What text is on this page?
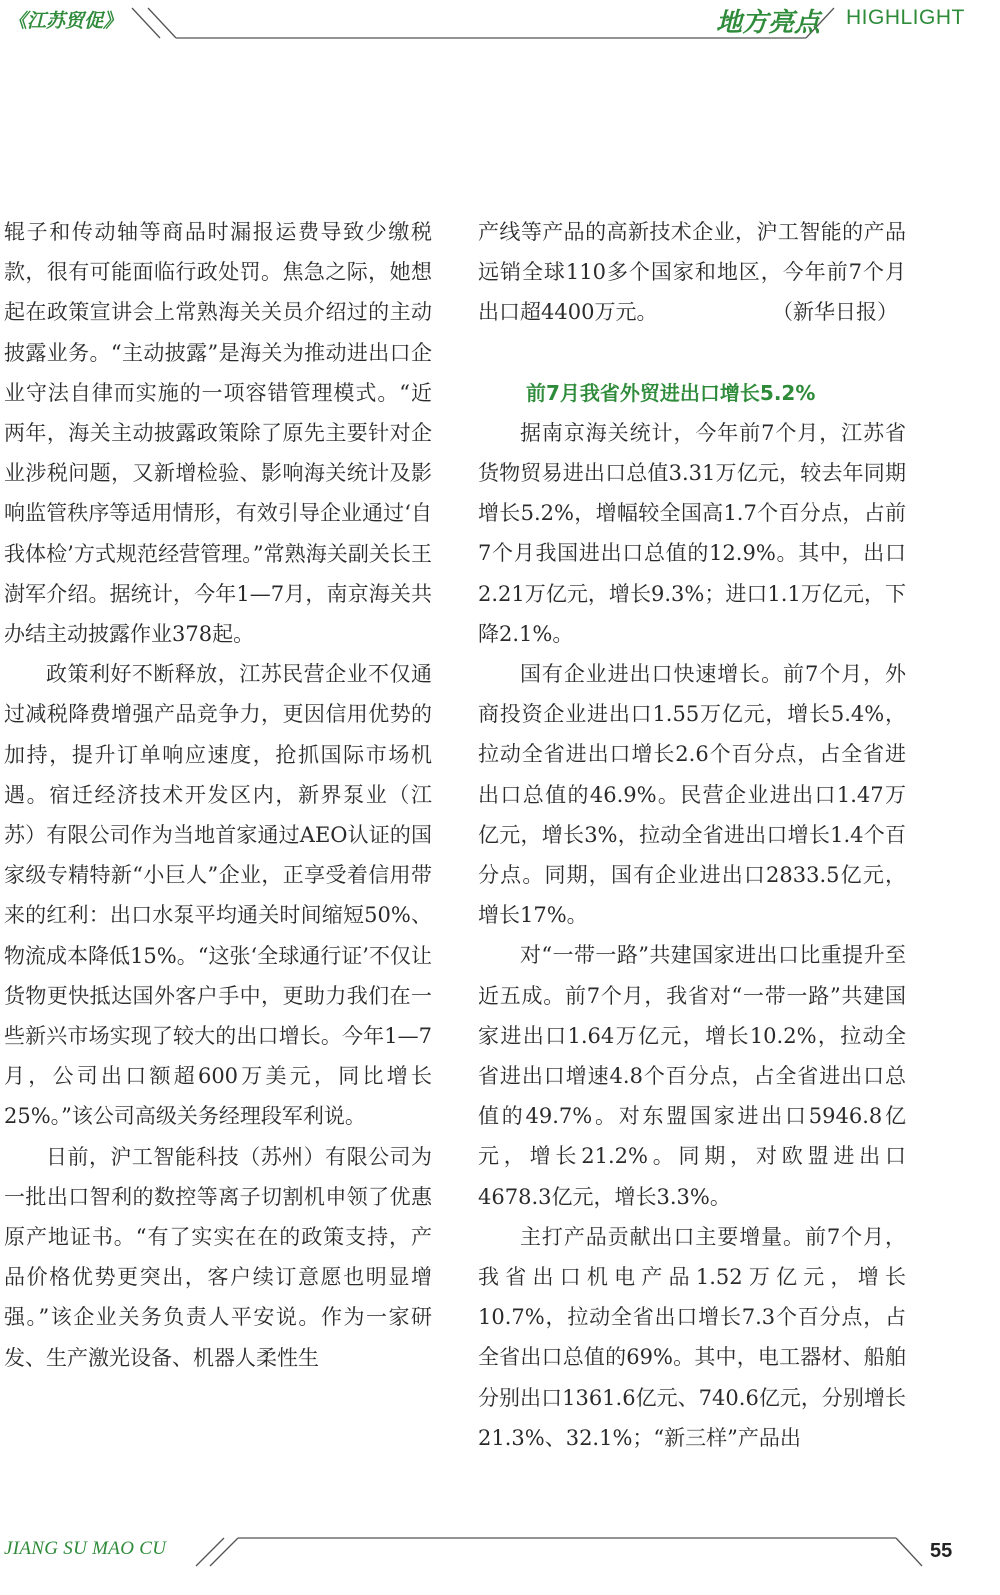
《江苏贸促》	地方亮点 HIGHLIGHT

辊子和传动轴等商品时漏报运费导致少缴税款，很有可能面临行政处罚。焦急之际，她想起在政策宣讲会上常熟海关关员介绍过的主动披露业务。“主动披露”是海关为推动进出口企业守法自律而实施的一项容错管理模式。“近两年，海关主动披露政策除了原先主要针对企业涉税问题，又新增检验、影响海关统计及影响监管秩序等适用情形，有效引导企业通过‘自我体检’方式规范经营管理。”常熟海关副关长王澍军介绍。据统计，今年1—7月，南京海关共办结主动披露作业378起。

政策利好不断释放，江苏民营企业不仅通过减税降费增强产品竞争力，更因信用优势的加持，提升订单响应速度，抢抓国际市场机遇。宿迁经济技术开发区内，新界泵业（江苏）有限公司作为当地首家通过AEO认证的国家级专精特新“小巨人”企业，正享受着信用带来的红利：出口水泵平均通关时间缩短50%、物流成本降低15%。“这张‘全球通行证’不仅让货物更快抵达国外客户手中，更助力我们在一些新兴市场实现了较大的出口增长。今年1—7月，公司出口额超600万美元，同比增长25%。”该公司高级关务经理段军利说。

日前，沪工智能科技（苏州）有限公司为一批出口智利的数控等离子切割机申领了优惠原产地证书。“有了实实在在的政策支持，产品价格优势更突出，客户续订意愿也明显增强。”该企业关务负责人平安说。作为一家研发、生产激光设备、机器人柔性生

产线等产品的高新技术企业，沪工智能的产品远销全球110多个国家和地区，今年前7个月出口超4400万元。	（新华日报）

前7月我省外贸进出口增长5.2%

据南京海关统计，今年前7个月，江苏省货物贸易进出口总值3.31万亿元，较去年同期增长5.2%，增幅较全国高1.7个百分点，占前7个月我国进出口总值的12.9%。其中，出口2.21万亿元，增长9.3%；进口1.1万亿元，下降2.1%。

国有企业进出口快速增长。前7个月，外商投资企业进出口1.55万亿元，增长5.4%，拉动全省进出口增长2.6个百分点，占全省进出口总值的46.9%。民营企业进出口1.47万亿元，增长3%，拉动全省进出口增长1.4个百分点。同期，国有企业进出口2833.5亿元，增长17%。

对“一带一路”共建国家进出口比重提升至近五成。前7个月，我省对“一带一路”共建国家进出口1.64万亿元，增长10.2%，拉动全省进出口增速4.8个百分点，占全省进出口总值的49.7%。对东盟国家进出口5946.8亿元，增长21.2%。同期，对欧盟进出口4678.3亿元，增长3.3%。

主打产品贡献出口主要增量。前7个月，我省出口机电产品1.52万亿元，增长10.7%，拉动全省出口增长7.3个百分点，占全省出口总值的69%。其中，电工器材、船舶分别出口1361.6亿元、740.6亿元，分别增长21.3%、32.1%；“新三样”产品出

JIANG SU MAO CU	55
